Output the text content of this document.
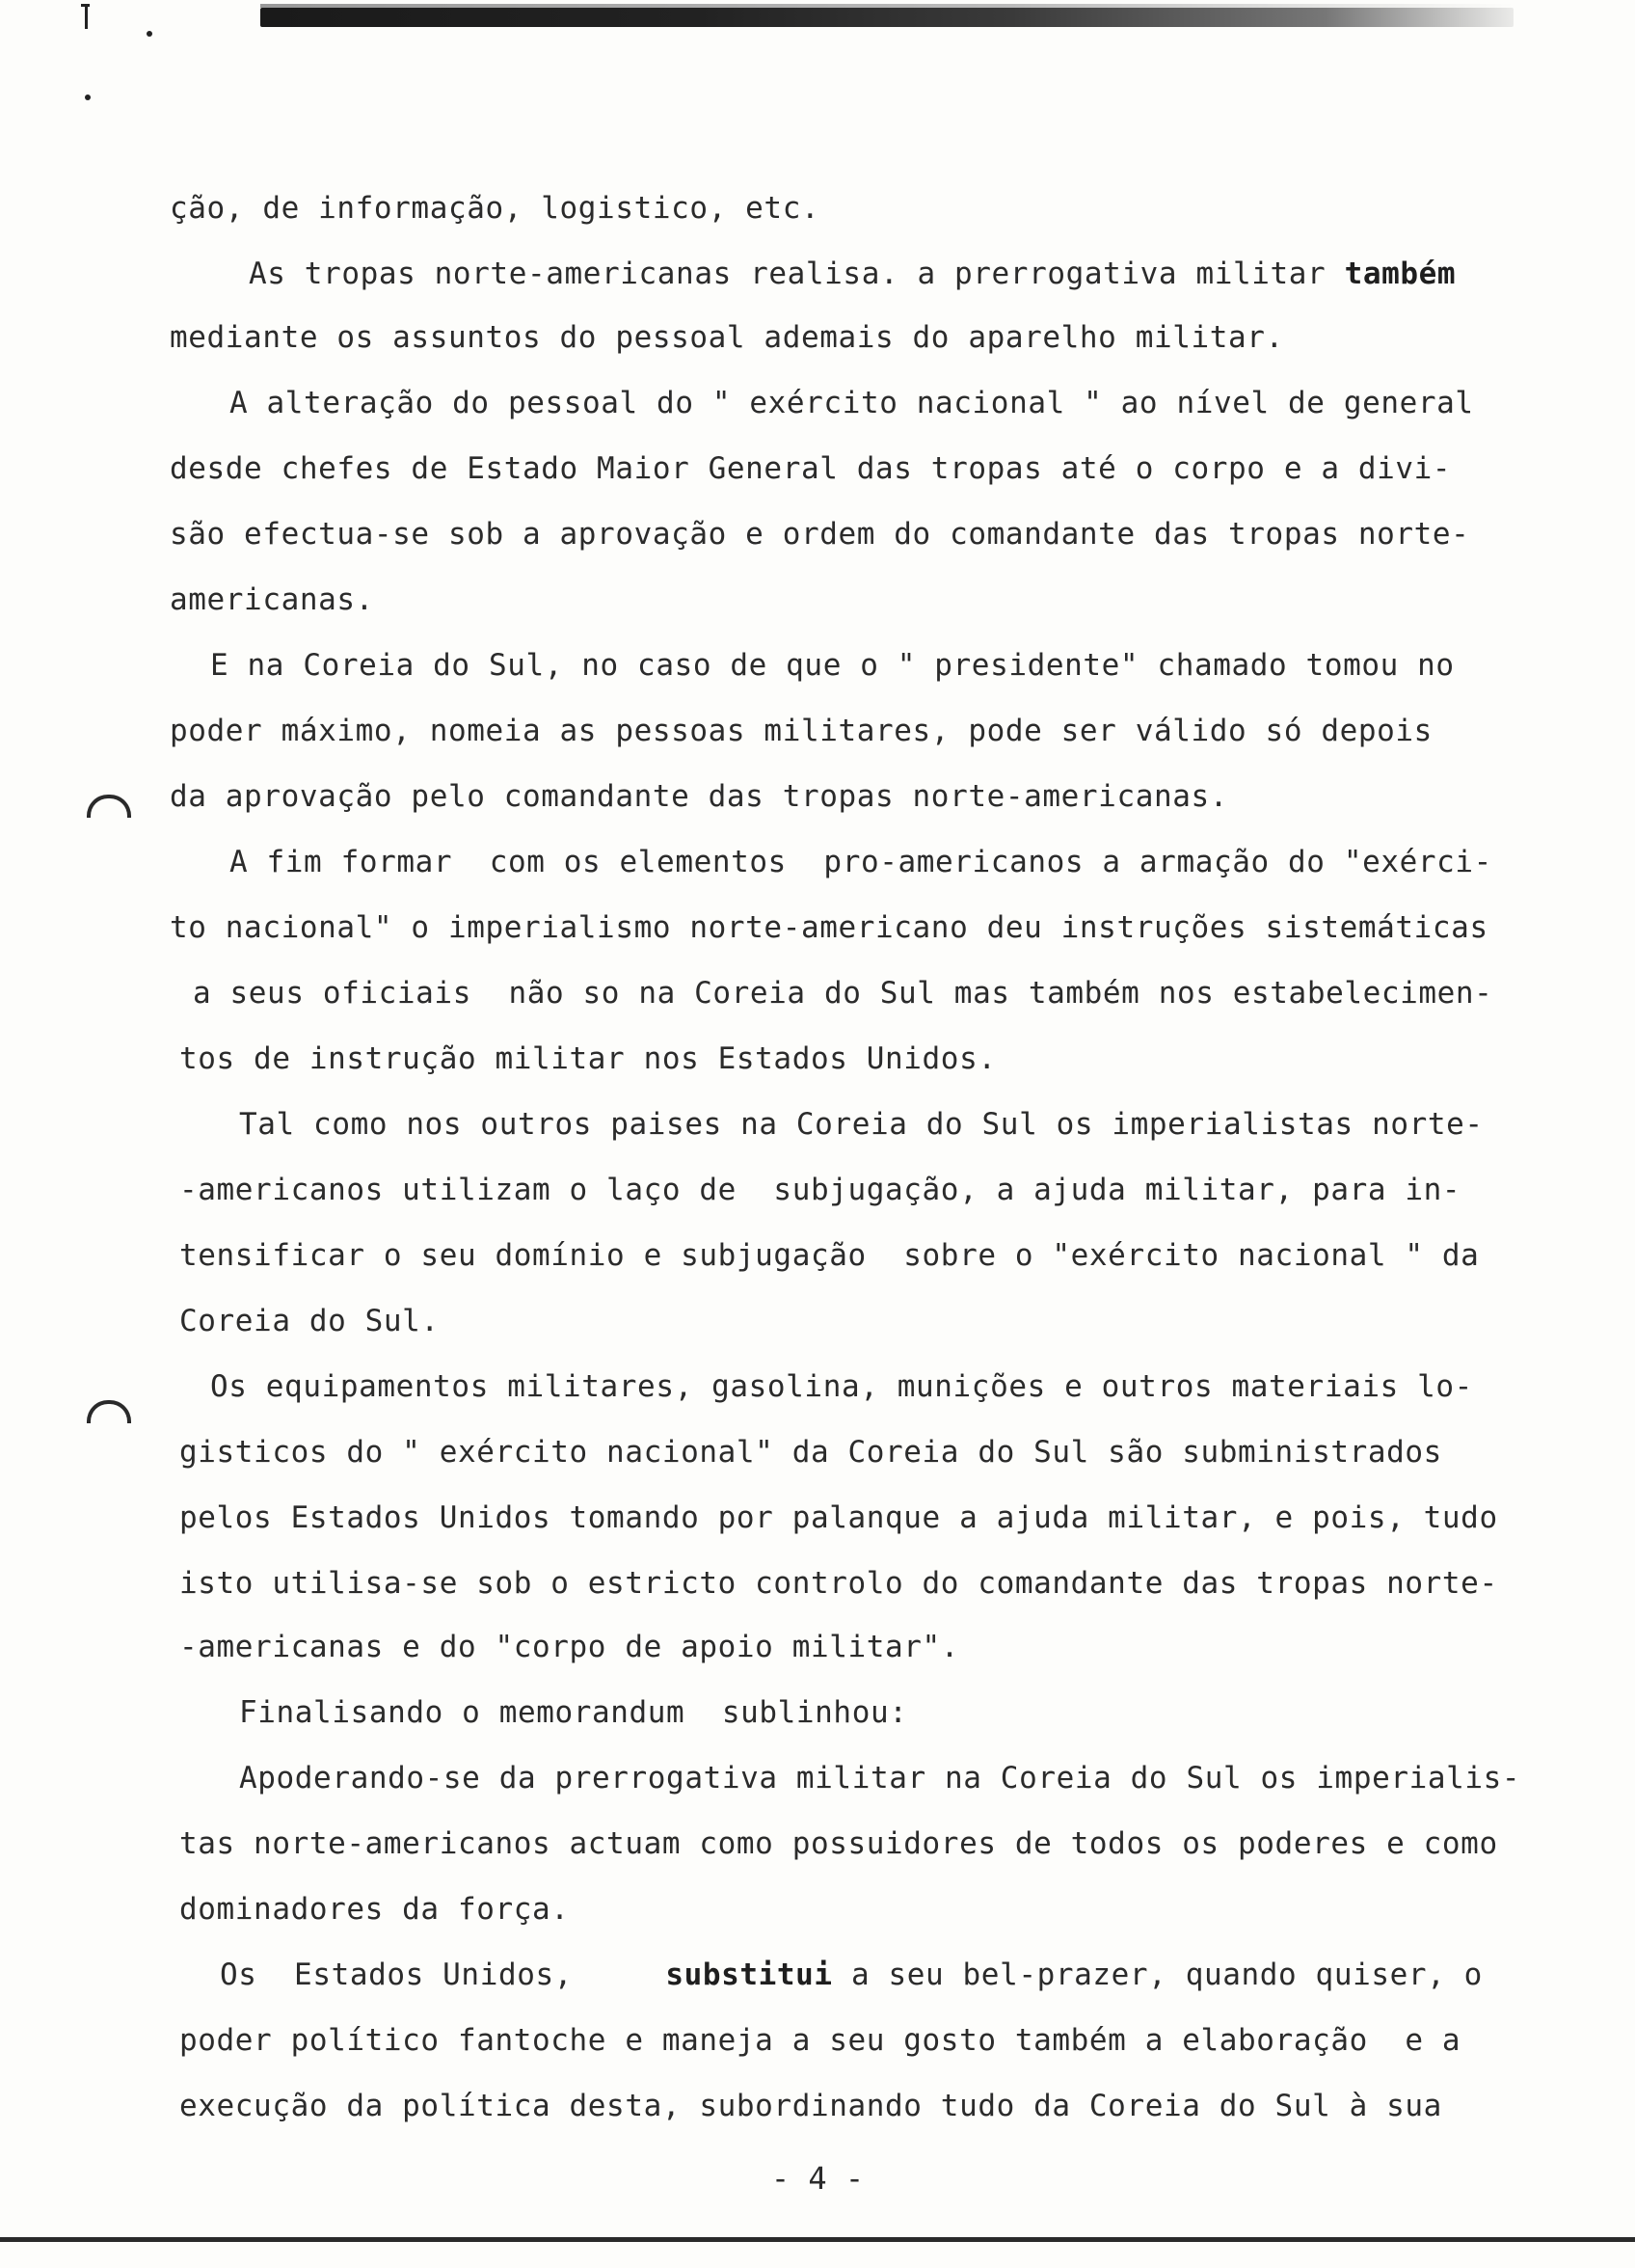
ção, de informação, logistico, etc.
As tropas norte-americanas realisa. a prerrogativa militar também
mediante os assuntos do pessoal ademais do aparelho militar.
A alteração do pessoal do " exército nacional " ao nível de general
desde chefes de Estado Maior General das tropas até o corpo e a divi-
são efectua-se sob a aprovação e ordem do comandante das tropas norte-
americanas.
E na Coreia do Sul, no caso de que o " presidente" chamado tomou no
poder máximo, nomeia as pessoas militares, pode ser válido só depois
da aprovação pelo comandante das tropas norte-americanas.
A fim formar  com os elementos  pro-americanos a armação do "exérci-
to nacional" o imperialismo norte-americano deu instruções sistemáticas
a seus oficiais  não so na Coreia do Sul mas também nos estabelecimen-
tos de instrução militar nos Estados Unidos.
Tal como nos outros paises na Coreia do Sul os imperialistas norte-
-americanos utilizam o laço de  subjugação, a ajuda militar, para in-
tensificar o seu domínio e subjugação  sobre o "exército nacional " da
Coreia do Sul.
Os equipamentos militares, gasolina, munições e outros materiais lo-
gisticos do " exército nacional" da Coreia do Sul são subministrados
pelos Estados Unidos tomando por palanque a ajuda militar, e pois, tudo
isto utilisa-se sob o estricto controlo do comandante das tropas norte-
-americanas e do "corpo de apoio militar".
Finalisando o memorandum  sublinhou:
Apoderando-se da prerrogativa militar na Coreia do Sul os imperialis-
tas norte-americanos actuam como possuidores de todos os poderes e como
dominadores da força.
Os  Estados Unidos,     substitui a seu bel-prazer, quando quiser, o
poder político fantoche e maneja a seu gosto também a elaboração  e a
execução da política desta, subordinando tudo da Coreia do Sul à sua
- 4 -
